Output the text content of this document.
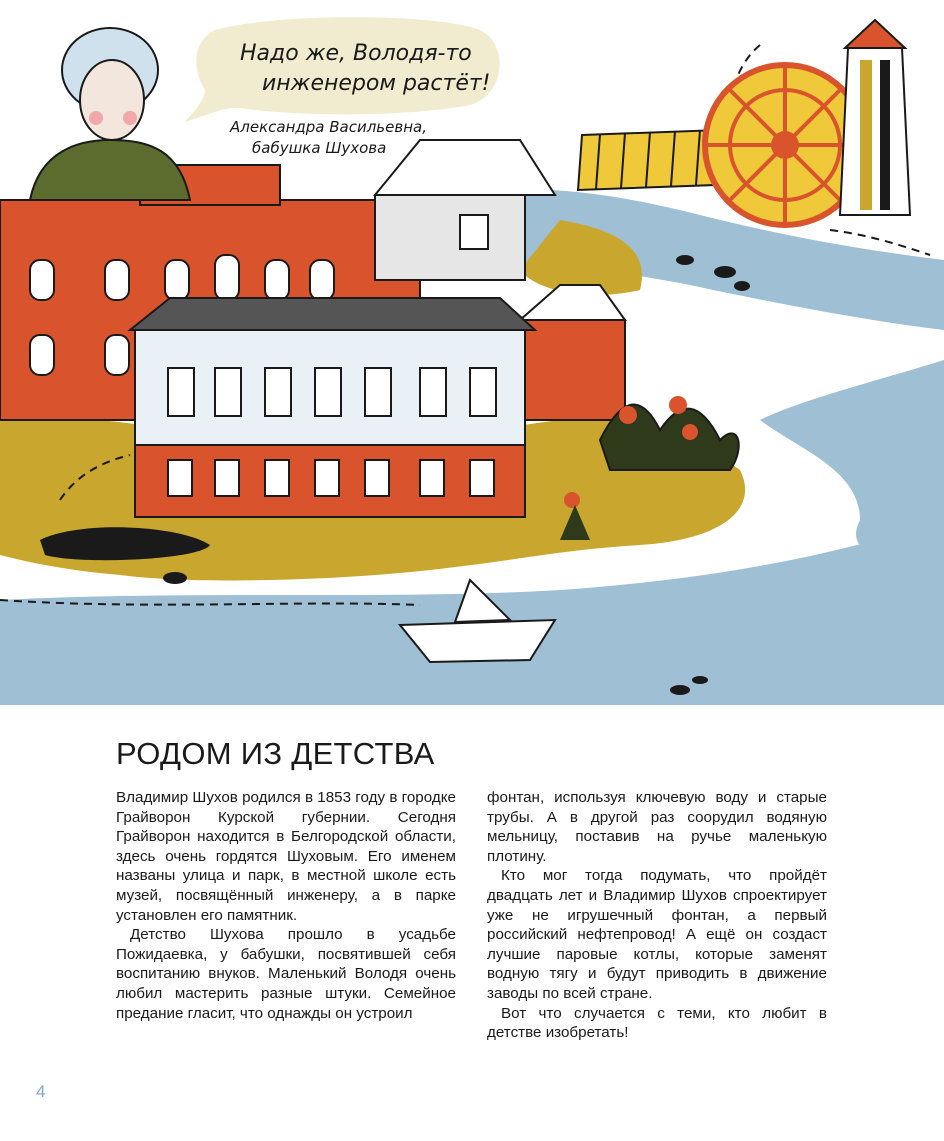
Надо же, Володя-то
инженером растёт!
Александра Васильевна,
бабушка Шухова
РОДОМ ИЗ ДЕТСТВА

Владимир Шухов родился в 1853 году в городке Грайворон Курской губернии. Сегодня Грайворон находится в Белгородской области, здесь очень гордятся Шуховым. Его именем названы улица и парк, в местной школе есть музей, посвящённый инженеру, а в парке установлен его памятник.

Детство Шухова прошло в усадьбе Пожидаевка, у бабушки, посвятившей себя воспитанию внуков. Маленький Володя очень любил мастерить разные штуки. Семейное предание гласит, что однажды он устроил

фонтан, используя ключевую воду и старые трубы. А в другой раз соорудил водяную мельницу, поставив на ручье маленькую плотину.

Кто мог тогда подумать, что пройдёт двадцать лет и Владимир Шухов спроектирует уже не игрушечный фонтан, а первый российский нефтепровод! А ещё он создаст лучшие паровые котлы, которые заменят водную тягу и будут приводить в движение заводы по всей стране.

Вот что случается с теми, кто любит в детстве изобретать!

4
